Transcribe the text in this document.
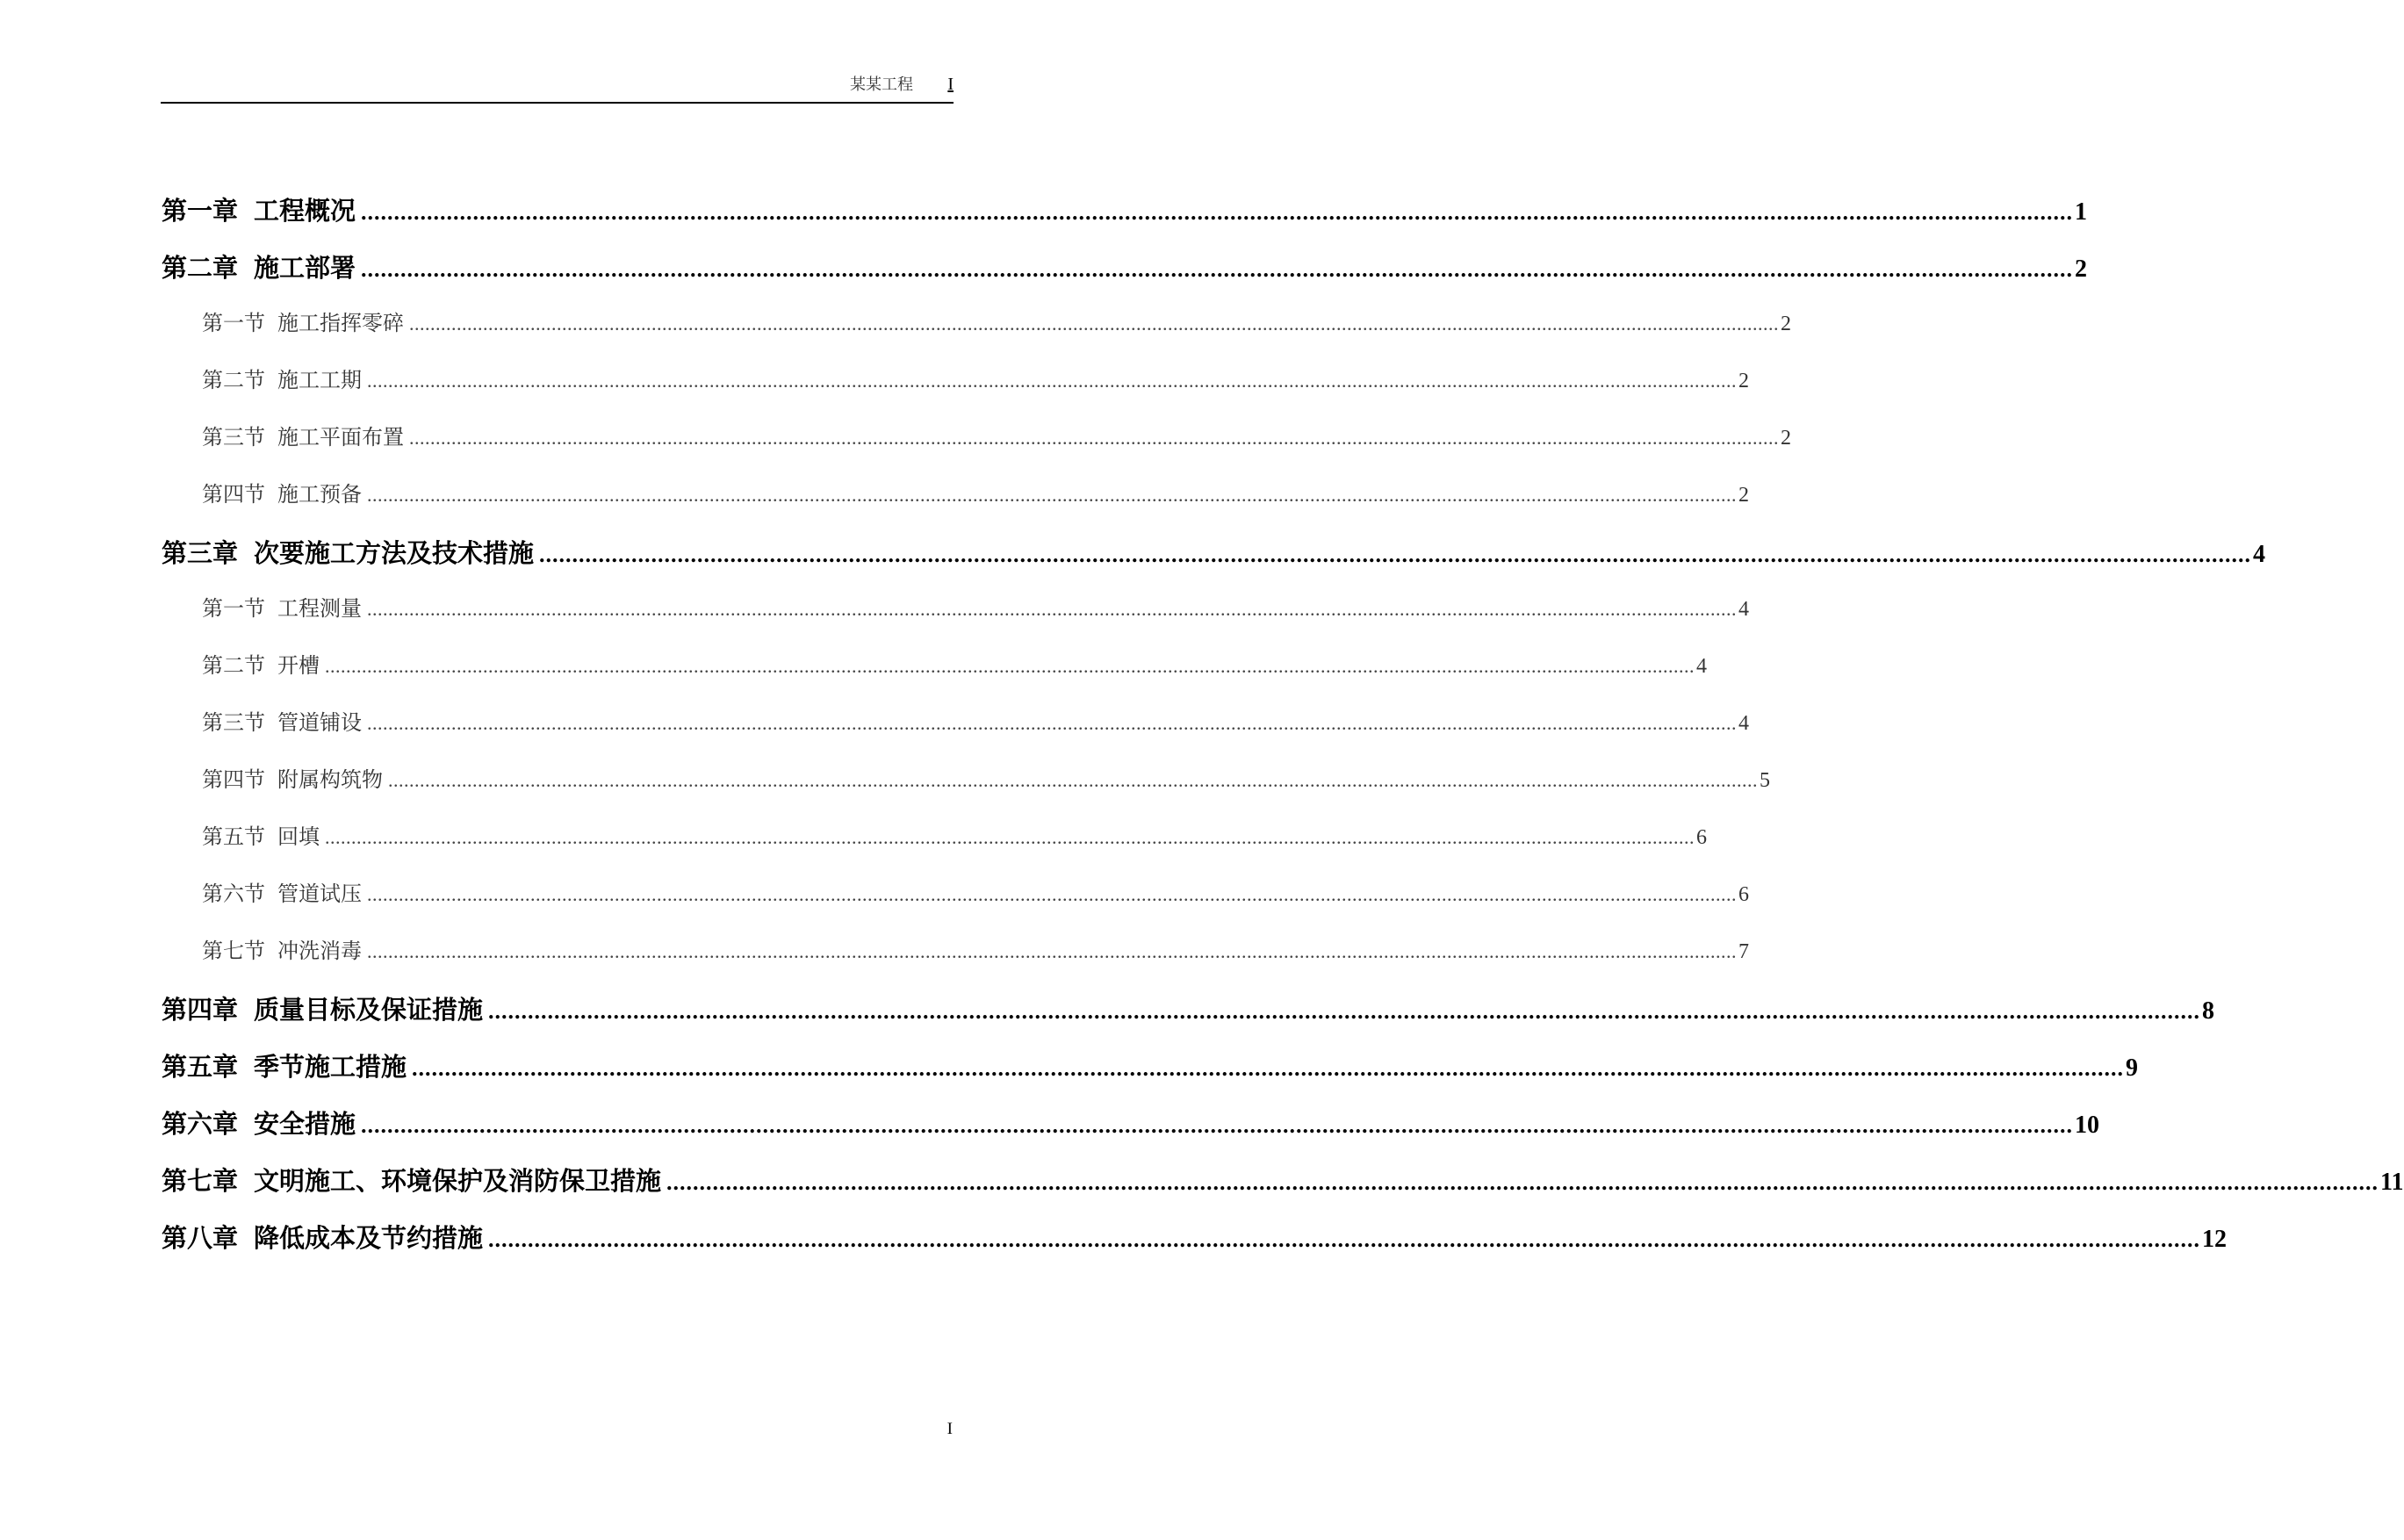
某某工程 I
第一章 工程概况 .................................................................................................................................................................................................................................................................... 1
第二章 施工部署 .................................................................................................................................................................................................................................................................... 2
第一节 施工指挥零碎 .................................................................................................................................................................................................................................................................... 2
第二节 施工工期 .................................................................................................................................................................................................................................................................... 2
第三节 施工平面布置 .................................................................................................................................................................................................................................................................... 2
第四节 施工预备 .................................................................................................................................................................................................................................................................... 2
第三章 次要施工方法及技术措施 .................................................................................................................................................................................................................................................................... 4
第一节 工程测量 .................................................................................................................................................................................................................................................................... 4
第二节 开槽 .................................................................................................................................................................................................................................................................... 4
第三节 管道铺设 .................................................................................................................................................................................................................................................................... 4
第四节 附属构筑物 .................................................................................................................................................................................................................................................................... 5
第五节 回填 .................................................................................................................................................................................................................................................................... 6
第六节 管道试压 .................................................................................................................................................................................................................................................................... 6
第七节 冲洗消毒 .................................................................................................................................................................................................................................................................... 7
第四章 质量目标及保证措施 .................................................................................................................................................................................................................................................................... 8
第五章 季节施工措施 .................................................................................................................................................................................................................................................................... 9
第六章 安全措施 .................................................................................................................................................................................................................................................................... 10
第七章 文明施工、环境保护及消防保卫措施 .................................................................................................................................................................................................................................................................... 11
第八章 降低成本及节约措施 .................................................................................................................................................................................................................................................................... 12
I
